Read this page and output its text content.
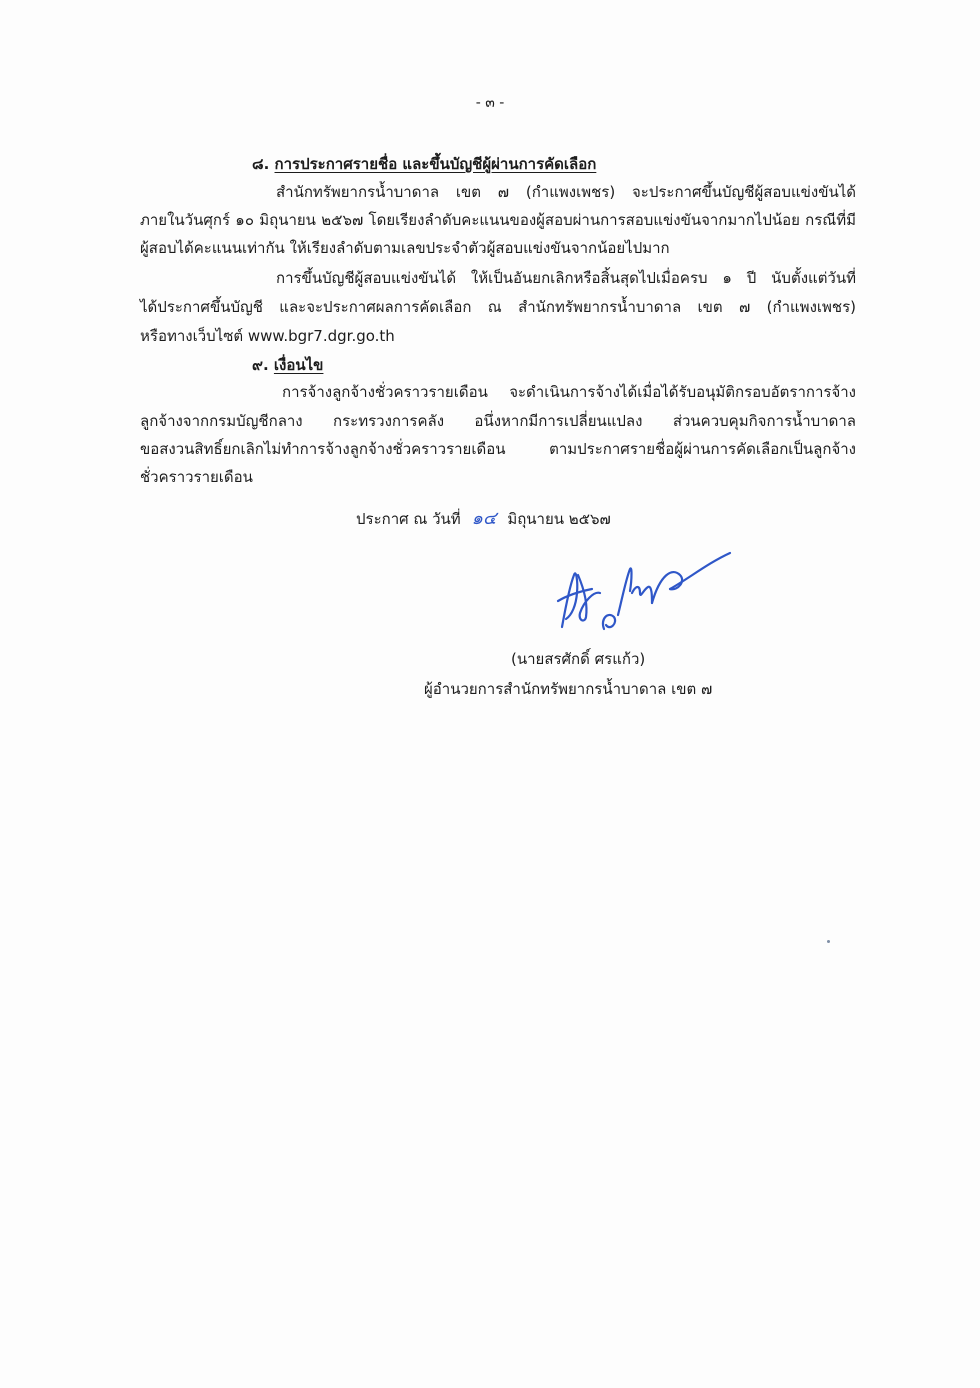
- ๓ -
๘. การประกาศรายชื่อ และขึ้นบัญชีผู้ผ่านการคัดเลือก
สำนักทรัพยากรน้ำบาดาล เขต ๗ (กำแพงเพชร) จะประกาศขึ้นบัญชีผู้สอบแข่งขันได้
ภายในวันศุกร์ ๑๐ มิถุนายน ๒๕๖๗ โดยเรียงลำดับคะแนนของผู้สอบผ่านการสอบแข่งขันจากมากไปน้อย กรณีที่มี
ผู้สอบได้คะแนนเท่ากัน ให้เรียงลำดับตามเลขประจำตัวผู้สอบแข่งขันจากน้อยไปมาก
การขึ้นบัญชีผู้สอบแข่งขันได้ ให้เป็นอันยกเลิกหรือสิ้นสุดไปเมื่อครบ ๑ ปี นับตั้งแต่วันที่
ได้ประกาศขึ้นบัญชี และจะประกาศผลการคัดเลือก ณ สำนักทรัพยากรน้ำบาดาล เขต ๗ (กำแพงเพชร)
หรือทางเว็บไซต์ www.bgr7.dgr.go.th
๙. เงื่อนไข
การจ้างลูกจ้างชั่วคราวรายเดือน จะดำเนินการจ้างได้เมื่อได้รับอนุมัติกรอบอัตราการจ้าง
ลูกจ้างจากกรมบัญชีกลาง กระทรวงการคลัง อนึ่งหากมีการเปลี่ยนแปลง ส่วนควบคุมกิจการน้ำบาดาล
ขอสงวนสิทธิ์ยกเลิกไม่ทำการจ้างลูกจ้างชั่วคราวรายเดือน ตามประกาศรายชื่อผู้ผ่านการคัดเลือกเป็นลูกจ้าง
ชั่วคราวรายเดือน
ประกาศ ณ วันที่ ๑๔ มิถุนายน ๒๕๖๗
(นายสรศักดิ์ ศรแก้ว)
ผู้อำนวยการสำนักทรัพยากรน้ำบาดาล เขต ๗
